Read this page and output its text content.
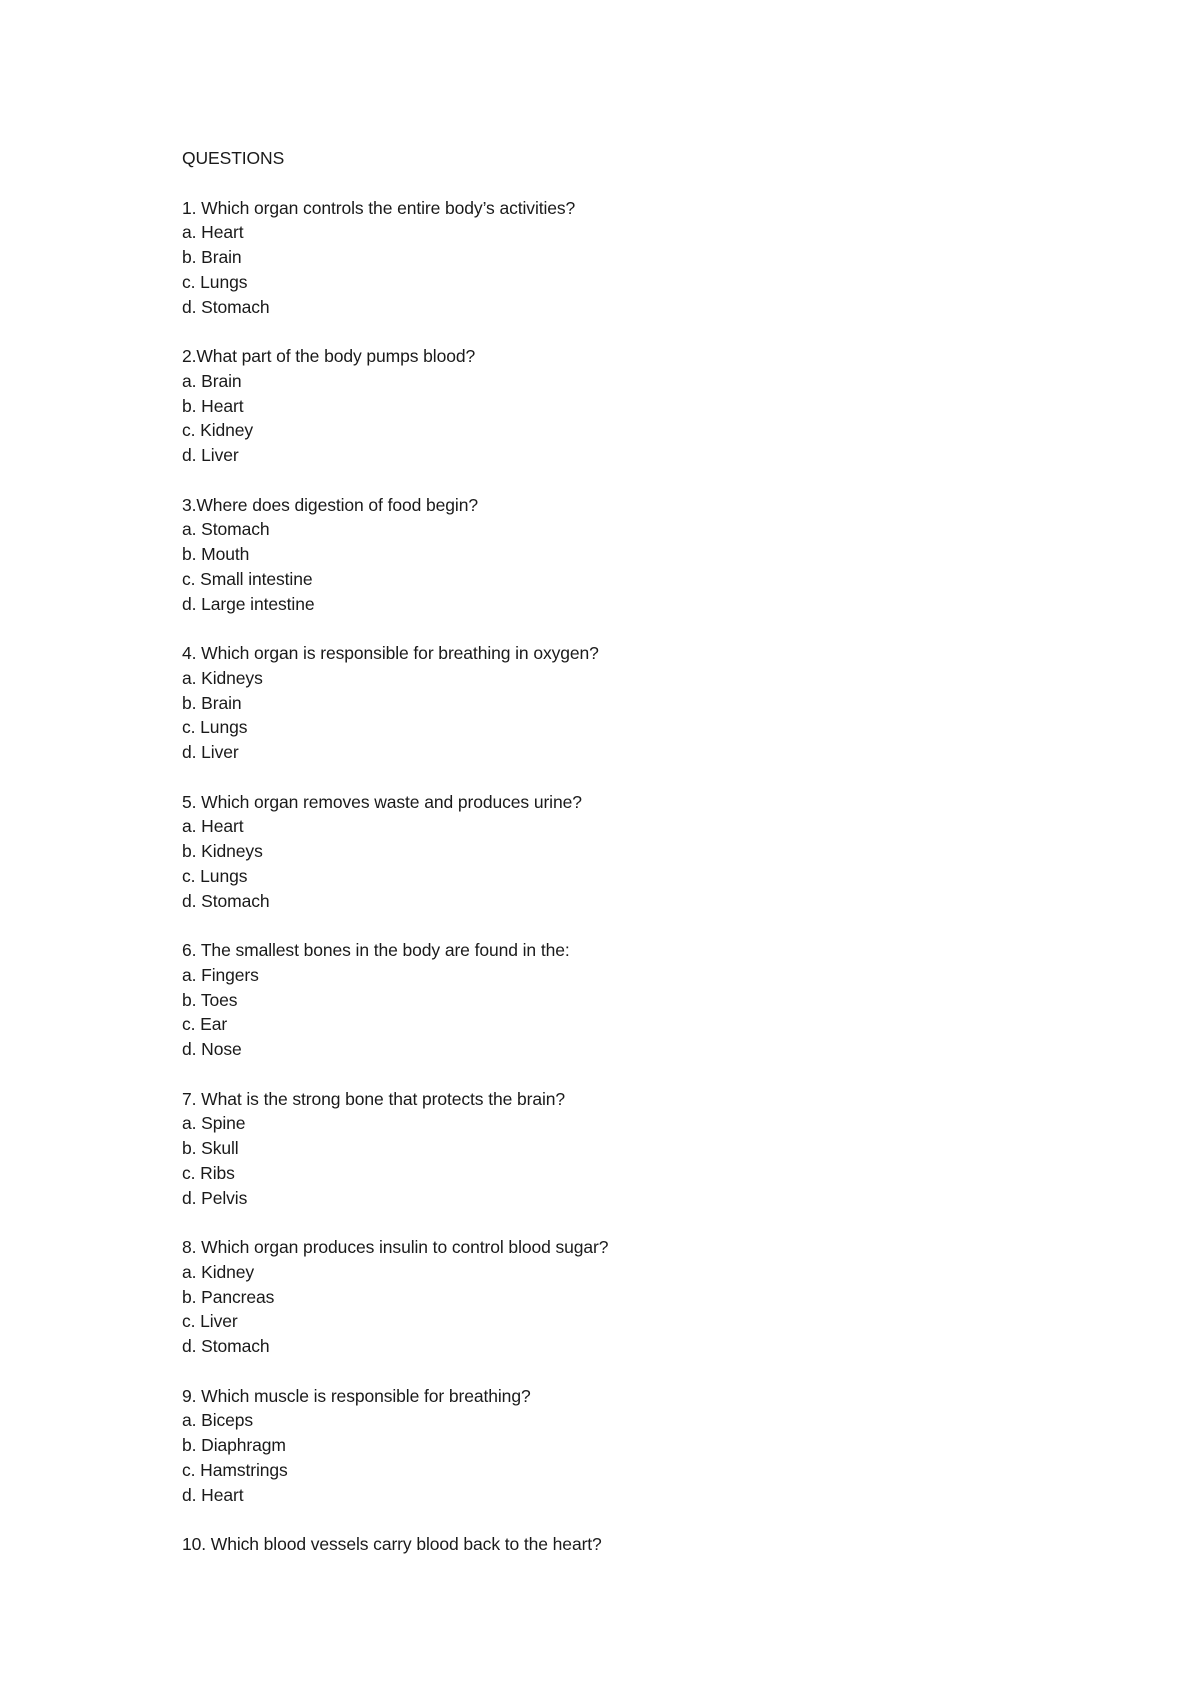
QUESTIONS
1. Which organ controls the entire body’s activities?
a. Heart
b. Brain
c. Lungs
d. Stomach
2.What part of the body pumps blood?
a. Brain
b. Heart
c. Kidney
d. Liver
3.Where does digestion of food begin?
a. Stomach
b. Mouth
c. Small intestine
d. Large intestine
4. Which organ is responsible for breathing in oxygen?
a. Kidneys
b. Brain
c. Lungs
d. Liver
5. Which organ removes waste and produces urine?
a. Heart
b. Kidneys
c. Lungs
d. Stomach
6. The smallest bones in the body are found in the:
a. Fingers
b. Toes
c. Ear
d. Nose
7. What is the strong bone that protects the brain?
a. Spine
b. Skull
c. Ribs
d. Pelvis
8. Which organ produces insulin to control blood sugar?
a. Kidney
b. Pancreas
c. Liver
d. Stomach
9. Which muscle is responsible for breathing?
a. Biceps
b. Diaphragm
c. Hamstrings
d. Heart
10. Which blood vessels carry blood back to the heart?
